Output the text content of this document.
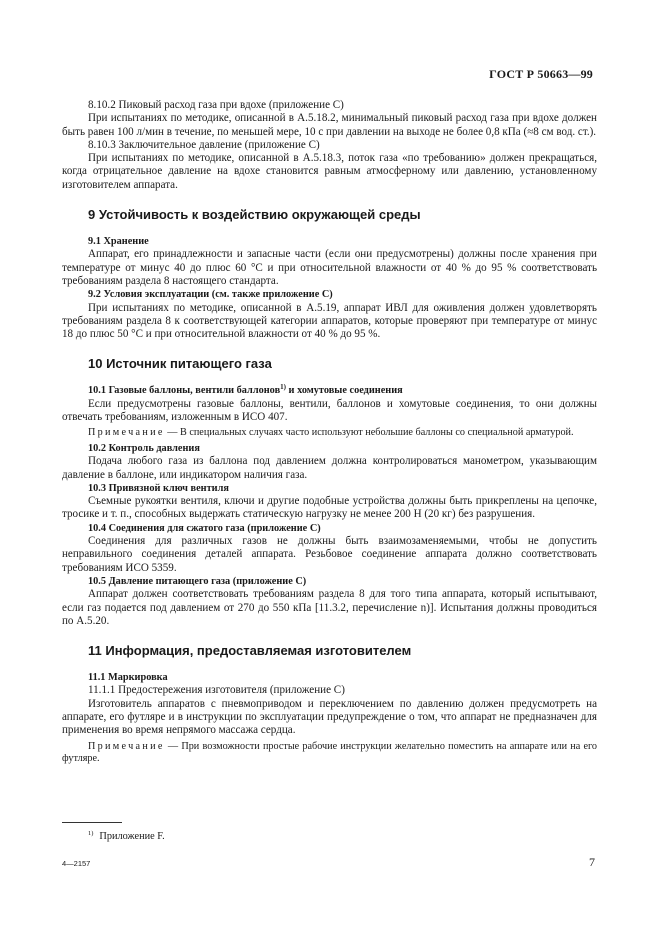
ГОСТ Р 50663—99

8.10.2 Пиковый расход газа при вдохе (приложение С)

При испытаниях по методике, описанной в А.5.18.2, минимальный пиковый расход газа при вдохе должен быть равен 100 л/мин в течение, по меньшей мере, 10 с при давлении на выходе не более 0,8 кПа (≈8 см вод. ст.).

8.10.3 Заключительное давление (приложение С)

При испытаниях по методике, описанной в А.5.18.3, поток газа «по требованию» должен прекращаться, когда отрицательное давление на вдохе становится равным атмосферному или давлению, установленному изготовителем аппарата.

9 Устойчивость к воздействию окружающей среды

9.1 Хранение

Аппарат, его принадлежности и запасные части (если они предусмотрены) должны после хранения при температуре от минус 40 до плюс 60 °С и при относительной влажности от 40 % до 95 % соответствовать требованиям раздела 8 настоящего стандарта.

9.2 Условия эксплуатации (см. также приложение С)

При испытаниях по методике, описанной в А.5.19, аппарат ИВЛ для оживления должен удовлетворять требованиям раздела 8 к соответствующей категории аппаратов, которые проверяют при температуре от минус 18 до плюс 50 °С и при относительной влажности от 40 % до 95 %.

10 Источник питающего газа

10.1 Газовые баллоны, вентили баллонов$^{1)}$ и хомутовые соединения

Если предусмотрены газовые баллоны, вентили, баллонов и хомутовые соединения, то они должны отвечать требованиям, изложенным в ИСО 407.

Примечание — В специальных случаях часто используют небольшие баллоны со специальной арматурой.

10.2 Контроль давления

Подача любого газа из баллона под давлением должна контролироваться манометром, указывающим давление в баллоне, или индикатором наличия газа.

10.3 Привязной ключ вентиля

Съемные рукоятки вентиля, ключи и другие подобные устройства должны быть прикреплены на цепочке, тросике и т. п., способных выдержать статическую нагрузку не менее 200 Н (20 кг) без разрушения.

10.4 Соединения для сжатого газа (приложение С)

Соединения для различных газов не должны быть взаимозаменяемыми, чтобы не допустить неправильного соединения деталей аппарата. Резьбовое соединение аппарата должно соответствовать требованиям ИСО 5359.

10.5 Давление питающего газа (приложение С)

Аппарат должен соответствовать требованиям раздела 8 для того типа аппарата, который испытывают, если газ подается под давлением от 270 до 550 кПа [11.3.2, перечисление n)]. Испытания должны проводиться по А.5.20.

11 Информация, предоставляемая изготовителем

11.1 Маркировка

11.1.1 Предостережения изготовителя (приложение С)

Изготовитель аппаратов с пневмоприводом и переключением по давлению должен предусмотреть на аппарате, его футляре и в инструкции по эксплуатации предупреждение о том, что аппарат не предназначен для применения во время непрямого массажа сердца.

Примечание — При возможности простые рабочие инструкции желательно поместить на аппарате или на его футляре.

$^{1)}$ Приложение F.
4—2157	7
